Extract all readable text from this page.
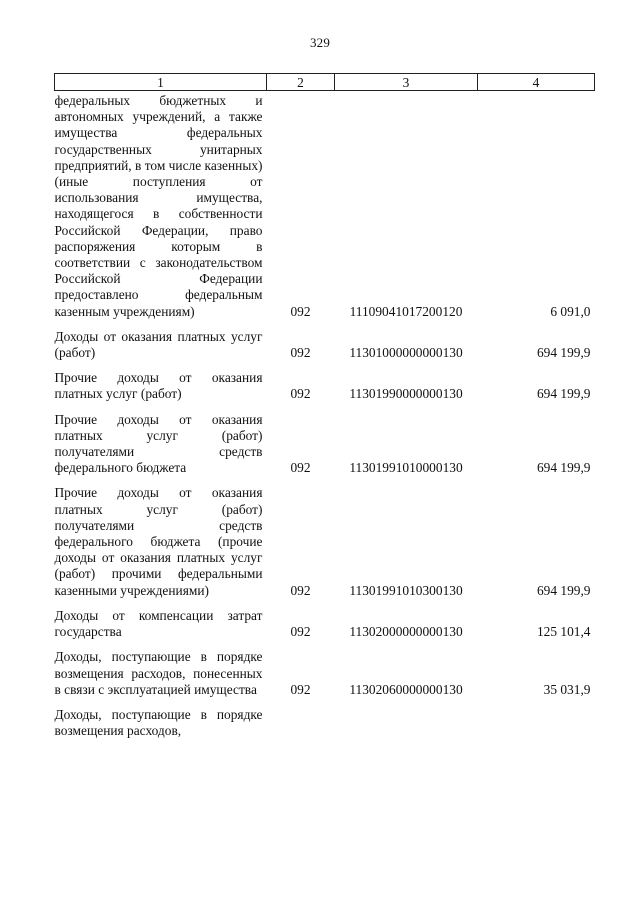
329
1	2	3	4
федеральных бюджетных и автономных учреждений, а также имущества федеральных государственных унитарных предприятий, в том числе казенных) (иные поступления от использования имущества, находящегося в собственности Российской Федерации, право распоряжения которым в соответствии с законодательством Российской Федерации предоставлено федеральным казенным учреждениям)	092	11109041017200120	6 091,0
Доходы от оказания платных услуг (работ)	092	11301000000000130	694 199,9
Прочие доходы от оказания платных услуг (работ)	092	11301990000000130	694 199,9
Прочие доходы от оказания платных услуг (работ) получателями средств федерального бюджета	092	11301991010000130	694 199,9
Прочие доходы от оказания платных услуг (работ) получателями средств федерального бюджета (прочие доходы от оказания платных услуг (работ) прочими федеральными казенными учреждениями)	092	11301991010300130	694 199,9
Доходы от компенсации затрат государства	092	11302000000000130	125 101,4
Доходы, поступающие в порядке возмещения расходов, понесенных в связи с эксплуатацией имущества	092	11302060000000130	35 031,9
Доходы, поступающие в порядке возмещения расходов,			
